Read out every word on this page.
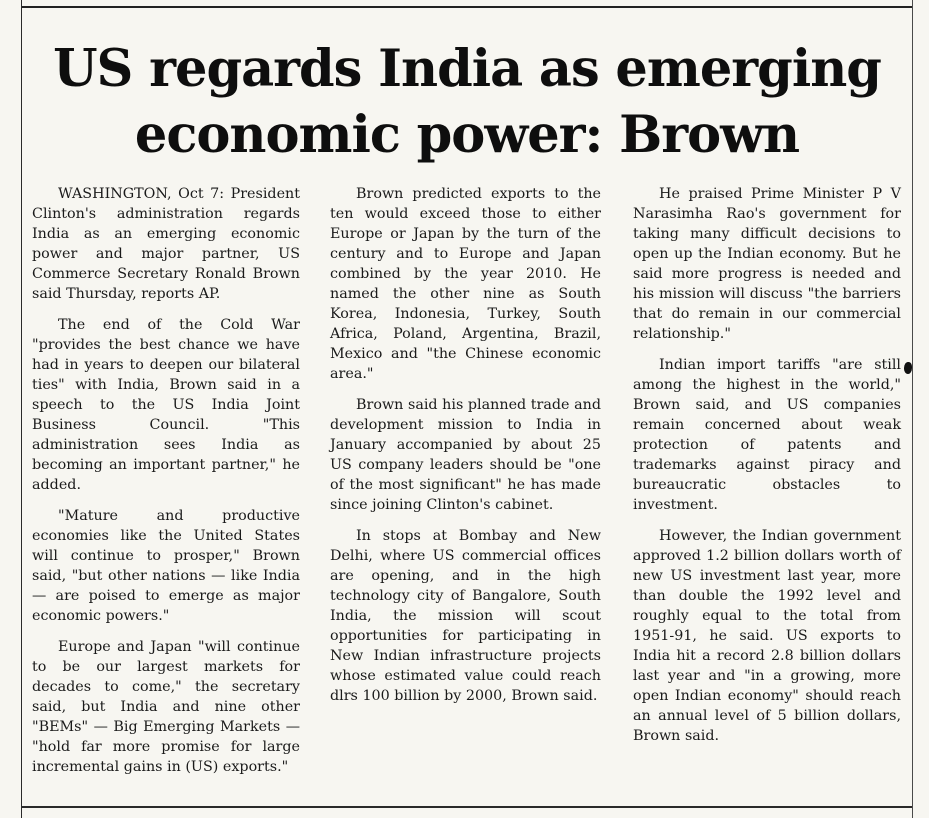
US regards India as emerging
economic power: Brown

WASHINGTON, Oct 7: President Clinton's administration regards India as an emerging economic power and major partner, US Commerce Secretary Ronald Brown said Thursday, reports AP.

The end of the Cold War "provides the best chance we have had in years to deepen our bilateral ties" with India, Brown said in a speech to the US India Joint Business Council. "This administration sees India as becoming an important partner," he added.

"Mature and productive economies like the United States will continue to prosper," Brown said, "but other nations — like India — are poised to emerge as major economic powers."

Europe and Japan "will continue to be our largest markets for decades to come," the secretary said, but India and nine other "BEMs" — Big Emerging Markets — "hold far more promise for large incremental gains in (US) exports."

Brown predicted exports to the ten would exceed those to either Europe or Japan by the turn of the century and to Europe and Japan combined by the year 2010. He named the other nine as South Korea, Indonesia, Turkey, South Africa, Poland, Argentina, Brazil, Mexico and "the Chinese economic area."

Brown said his planned trade and development mission to India in January accompanied by about 25 US company leaders should be "one of the most significant" he has made since joining Clinton's cabinet.

In stops at Bombay and New Delhi, where US commercial offices are opening, and in the high technology city of Bangalore, South India, the mission will scout opportunities for participating in New Indian infrastructure projects whose estimated value could reach dlrs 100 billion by 2000, Brown said.

He praised Prime Minister P V Narasimha Rao's government for taking many difficult decisions to open up the Indian economy. But he said more progress is needed and his mission will discuss "the barriers that do remain in our commercial relationship."

Indian import tariffs "are still among the highest in the world," Brown said, and US companies remain concerned about weak protection of patents and trademarks against piracy and bureaucratic obstacles to investment.

However, the Indian government approved 1.2 billion dollars worth of new US investment last year, more than double the 1992 level and roughly equal to the total from 1951-91, he said. US exports to India hit a record 2.8 billion dollars last year and "in a growing, more open Indian economy" should reach an annual level of 5 billion dollars, Brown said.
